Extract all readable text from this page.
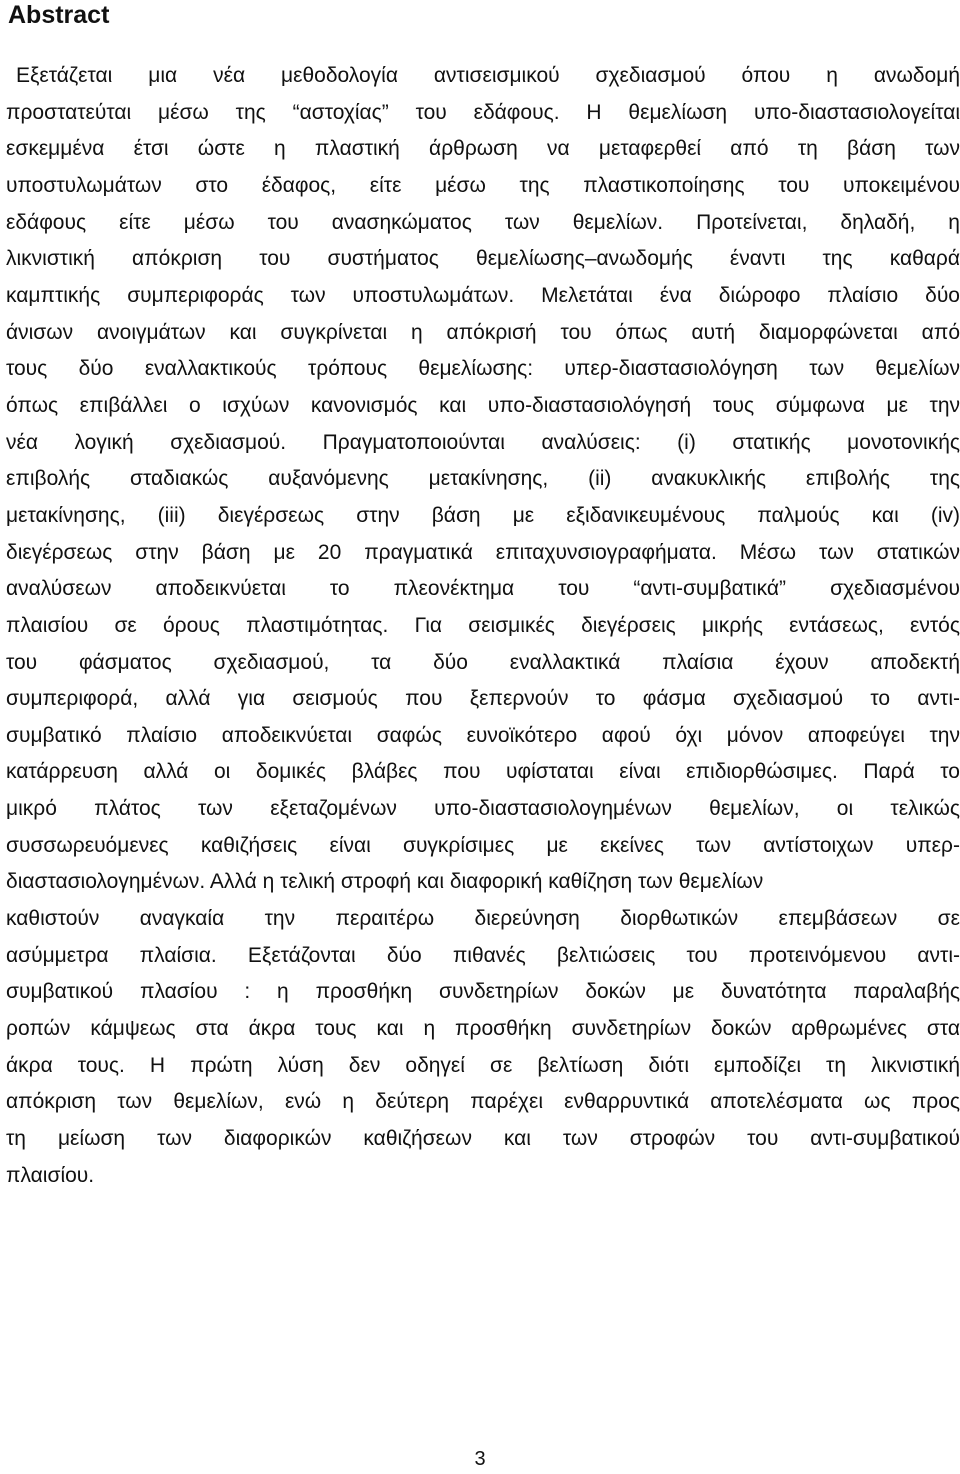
Abstract
Εξετάζεται μια νέα μεθοδολογία αντισεισμικού σχεδιασμού όπου η ανωδομή
προστατεύται μέσω της “αστοχίας” του εδάφους. Η θεμελίωση υπο-διαστασιολογείται
εσκεμμένα έτσι ώστε η πλαστική άρθρωση να μεταφερθεί από τη βάση των
υποστυλωμάτων στο έδαφος, είτε μέσω της πλαστικοποίησης του υποκειμένου
εδάφους είτε μέσω του ανασηκώματος των θεμελίων. Προτείνεται, δηλαδή, η
λικνιστική απόκριση του συστήματος θεμελίωσης–ανωδομής έναντι της καθαρά
καμπτικής συμπεριφοράς των υποστυλωμάτων. Μελετάται ένα διώροφο πλαίσιο δύο
άνισων ανοιγμάτων και συγκρίνεται η απόκρισή του όπως αυτή διαμορφώνεται από
τους δύο εναλλακτικούς τρόπους θεμελίωσης: υπερ-διαστασιολόγηση των θεμελίων
όπως επιβάλλει ο ισχύων κανονισμός και υπο-διαστασιολόγησή τους σύμφωνα με την
νέα λογική σχεδιασμού. Πραγματοποιούνται αναλύσεις: (i) στατικής μονοτονικής
επιβολής σταδιακώς αυξανόμενης μετακίνησης, (ii) ανακυκλικής επιβολής της
μετακίνησης, (iii) διεγέρσεως στην βάση με εξιδανικευμένους παλμούς και (iv)
διεγέρσεως στην βάση με 20 πραγματικά επιταχυνσιογραφήματα. Μέσω των στατικών
αναλύσεων αποδεικνύεται το πλεονέκτημα του “αντι-συμβατικά” σχεδιασμένου
πλαισίου σε όρους πλαστιμότητας. Για σεισμικές διεγέρσεις μικρής εντάσεως, εντός
του φάσματος σχεδιασμού, τα δύο εναλλακτικά πλαίσια έχουν αποδεκτή
συμπεριφορά, αλλά για σεισμούς που ξεπερνούν το φάσμα σχεδιασμού το αντι-
συμβατικό πλαίσιο αποδεικνύεται σαφώς ευνοϊκότερο αφού όχι μόνον αποφεύγει την
κατάρρευση αλλά οι δομικές βλάβες που υφίσταται είναι επιδιορθώσιμες. Παρά το
μικρό πλάτος των εξεταζομένων υπο-διαστασιολογημένων θεμελίων, οι τελικώς
συσσωρευόμενες καθιζήσεις είναι συγκρίσιμες με εκείνες των αντίστοιχων υπερ-
διαστασιολογημένων. Αλλά η τελική στροφή και διαφορική καθίζηση των θεμελίων
καθιστούν αναγκαία την περαιτέρω διερεύνηση διορθωτικών επεμβάσεων σε
ασύμμετρα πλαίσια. Εξετάζονται δύο πιθανές βελτιώσεις του προτεινόμενου αντι-
συμβατικού πλασίου : η προσθήκη συνδετηρίων δοκών με δυνατότητα παραλαβής
ροπών κάμψεως στα άκρα τους και η προσθήκη συνδετηρίων δοκών αρθρωμένες στα
άκρα τους. Η πρώτη λύση δεν οδηγεί σε βελτίωση διότι εμποδίζει τη λικνιστική
απόκριση των θεμελίων, ενώ η δεύτερη παρέχει ενθαρρυντικά αποτελέσματα ως προς
τη μείωση των διαφορικών καθιζήσεων και των στροφών του αντι-συμβατικού
πλαισίου.
3
